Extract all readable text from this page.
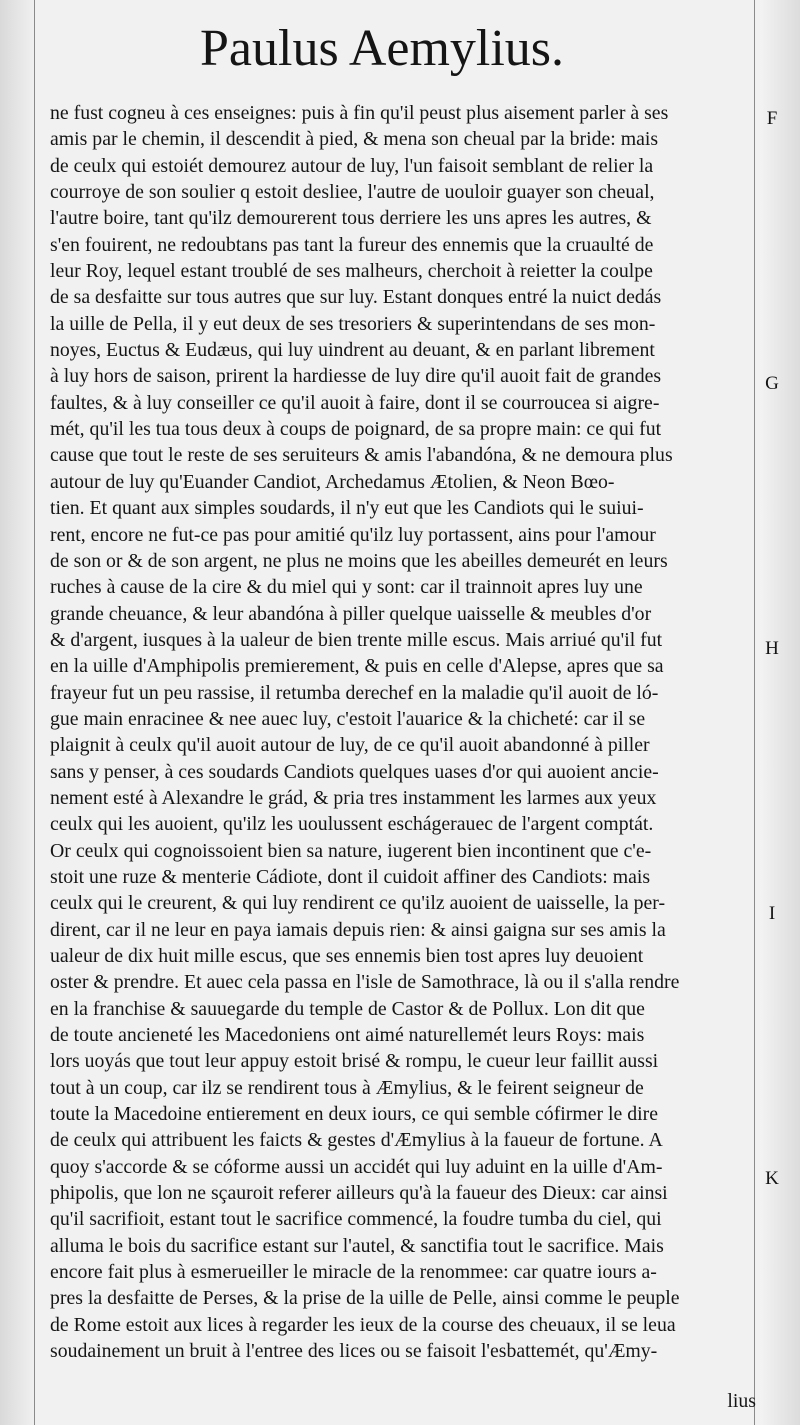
Paulus Aemylius.
ne fust cogneu à ces enseignes: puis à fin qu'il peust plus aisement parler à ses
amis par le chemin, il descendit à pied, & mena son cheual par la bride: mais
de ceulx qui estoiét demourez autour de luy, l'un faisoit semblant de relier la
courroye de son soulier q estoit desliee, l'autre de uouloir guayer son cheual,
l'autre boire, tant qu'ilz demourerent tous derriere les uns apres les autres, &
s'en fouirent, ne redoubtans pas tant la fureur des ennemis que la cruaulté de
leur Roy, lequel estant troublé de ses malheurs, cherchoit à reietter la coulpe
de sa desfaitte sur tous autres que sur luy. Estant donques entré la nuict dedás
la uille de Pella, il y eut deux de ses tresoriers & superintendans de ses mon-
noyes, Euctus & Eudæus, qui luy uindrent au deuant, & en parlant librement
à luy hors de saison, prirent la hardiesse de luy dire qu'il auoit fait de grandes
faultes, & à luy conseiller ce qu'il auoit à faire, dont il se courroucea si aigre-
mét, qu'il les tua tous deux à coups de poignard, de sa propre main: ce qui fut
cause que tout le reste de ses seruiteurs & amis l'abandóna, & ne demoura plus
autour de luy qu'Euander Candiot, Archedamus Ætolien, & Neon Bœo-
tien. Et quant aux simples soudards, il n'y eut que les Candiots qui le suiui-
rent, encore ne fut-ce pas pour amitié qu'ilz luy portassent, ains pour l'amour
de son or & de son argent, ne plus ne moins que les abeilles demeurét en leurs
ruches à cause de la cire & du miel qui y sont: car il trainnoit apres luy une
grande cheuance, & leur abandóna à piller quelque uaisselle & meubles d'or
& d'argent, iusques à la ualeur de bien trente mille escus. Mais arriué qu'il fut
en la uille d'Amphipolis premierement, & puis en celle d'Alepse, apres que sa
frayeur fut un peu rassise, il retumba derechef en la maladie qu'il auoit de ló-
gue main enracinee & nee auec luy, c'estoit l'auarice & la chicheté: car il se
plaignit à ceulx qu'il auoit autour de luy, de ce qu'il auoit abandonné à piller
sans y penser, à ces soudards Candiots quelques uases d'or qui auoient ancie-
nement esté à Alexandre le grád, & pria tres instamment les larmes aux yeux
ceulx qui les auoient, qu'ilz les uoulussent eschágerauec de l'argent comptát.
Or ceulx qui cognoissoient bien sa nature, iugerent bien incontinent que c'e-
stoit une ruze & menterie Cádiote, dont il cuidoit affiner des Candiots: mais
ceulx qui le creurent, & qui luy rendirent ce qu'ilz auoient de uaisselle, la per-
dirent, car il ne leur en paya iamais depuis rien: & ainsi gaigna sur ses amis la
ualeur de dix huit mille escus, que ses ennemis bien tost apres luy deuoient
oster & prendre. Et auec cela passa en l'isle de Samothrace, là ou il s'alla rendre
en la franchise & sauuegarde du temple de Castor & de Pollux. Lon dit que
de toute ancieneté les Macedoniens ont aimé naturellemét leurs Roys: mais
lors uoyás que tout leur appuy estoit brisé & rompu, le cueur leur faillit aussi
tout à un coup, car ilz se rendirent tous à Æmylius, & le feirent seigneur de
toute la Macedoine entierement en deux iours, ce qui semble cófirmer le dire
de ceulx qui attribuent les faicts & gestes d'Æmylius à la faueur de fortune. A
quoy s'accorde & se cóforme aussi un accidét qui luy aduint en la uille d'Am-
phipolis, que lon ne sçauroit referer ailleurs qu'à la faueur des Dieux: car ainsi
qu'il sacrifioit, estant tout le sacrifice commencé, la foudre tumba du ciel, qui
alluma le bois du sacrifice estant sur l'autel, & sanctifia tout le sacrifice. Mais
encore fait plus à esmerueiller le miracle de la renommee: car quatre iours a-
pres la desfaitte de Perses, & la prise de la uille de Pelle, ainsi comme le peuple
de Rome estoit aux lices à regarder les ieux de la course des cheuaux, il se leua
soudainement un bruit à l'entree des lices ou se faisoit l'esbattemét, qu'Æmy-
F
G
H
I
K
lius
